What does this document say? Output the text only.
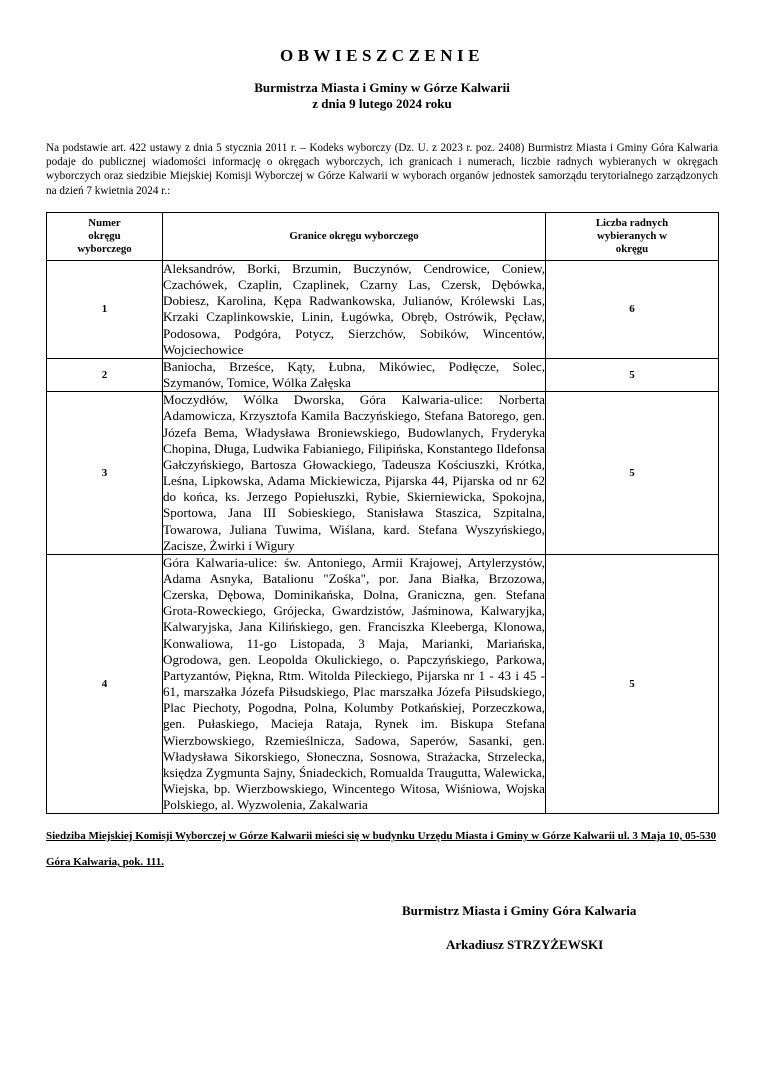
OBWIESZCZENIE
Burmistrza Miasta i Gminy w Górze Kalwarii
z dnia 9 lutego 2024 roku
Na podstawie art. 422 ustawy z dnia 5 stycznia 2011 r. – Kodeks wyborczy (Dz. U. z 2023 r. poz. 2408) Burmistrz Miasta i Gminy Góra Kalwaria podaje do publicznej wiadomości informację o okręgach wyborczych, ich granicach i numerach, liczbie radnych wybieranych w okręgach wyborczych oraz siedzibie Miejskiej Komisji Wyborczej w Górze Kalwarii w wyborach organów jednostek samorządu terytorialnego zarządzonych na dzień 7 kwietnia 2024 r.:
Numer okręgu wyborczego	Granice okręgu wyborczego	Liczba radnych wybieranych w okręgu
1	Aleksandrów, Borki, Brzumin, Buczynów, Cendrowice, Coniew, Czachówek, Czaplin, Czaplinek, Czarny Las, Czersk, Dębówka, Dobiesz, Karolina, Kępa Radwankowska, Julianów, Królewski Las, Krzaki Czaplinkowskie, Linin, Ługówka, Obręb, Ostrówik, Pęcław, Podosowa, Podgóra, Potycz, Sierzchów, Sobików, Wincentów, Wojciechowice	6
2	Baniocha, Brześce, Kąty, Łubna, Mikówiec, Podłęcze, Solec, Szymanów, Tomice, Wólka Załęska	5
3	Moczydłów, Wólka Dworska, Góra Kalwaria-ulice: Norberta Adamowicza, Krzysztofa Kamila Baczyńskiego, Stefana Batorego, gen. Józefa Bema, Władysława Broniewskiego, Budowlanych, Fryderyka Chopina, Długa, Ludwika Fabianiego, Filipińska, Konstantego Ildefonsa Gałczyńskiego, Bartosza Głowackiego, Tadeusza Kościuszki, Krótka, Leśna, Lipkowska, Adama Mickiewicza, Pijarska 44, Pijarska od nr 62 do końca, ks. Jerzego Popiełuszki, Rybie, Skierniewicka, Spokojna, Sportowa, Jana III Sobieskiego, Stanisława Staszica, Szpitalna, Towarowa, Juliana Tuwima, Wiślana, kard. Stefana Wyszyńskiego, Zacisze, Żwirki i Wigury	5
4	Góra Kalwaria-ulice: św. Antoniego, Armii Krajowej, Artylerzystów, Adama Asnyka, Batalionu "Zośka", por. Jana Białka, Brzozowa, Czerska, Dębowa, Dominikańska, Dolna, Graniczna, gen. Stefana Grota-Roweckiego, Grójecka, Gwardzistów, Jaśminowa, Kalwaryjka, Kalwaryjska, Jana Kilińskiego, gen. Franciszka Kleeberga, Klonowa, Konwaliowa, 11-go Listopada, 3 Maja, Marianki, Mariańska, Ogrodowa, gen. Leopolda Okulickiego, o. Papczyńskiego, Parkowa, Partyzantów, Piękna, Rtm. Witolda Pileckiego, Pijarska nr 1 - 43 i 45 - 61, marszałka Józefa Piłsudskiego, Plac marszałka Józefa Piłsudskiego, Plac Piechoty, Pogodna, Polna, Kolumby Potkańskiej, Porzeczkowa, gen. Pułaskiego, Macieja Rataja, Rynek im. Biskupa Stefana Wierzbowskiego, Rzemieślnicza, Sadowa, Saperów, Sasanki, gen. Władysława Sikorskiego, Słoneczna, Sosnowa, Strażacka, Strzelecka, księdza Zygmunta Sajny, Śniadeckich, Romualda Traugutta, Walewicka, Wiejska, bp. Wierzbowskiego, Wincentego Witosa, Wiśniowa, Wojska Polskiego, al. Wyzwolenia, Zakalwaria	5
Siedziba Miejskiej Komisji Wyborczej w Górze Kalwarii mieści się w budynku Urzędu Miasta i Gminy w Górze Kalwarii ul. 3 Maja 10, 05-530 Góra Kalwaria, pok. 111.
Burmistrz Miasta i Gminy Góra Kalwaria
Arkadiusz STRZYŻEWSKI
